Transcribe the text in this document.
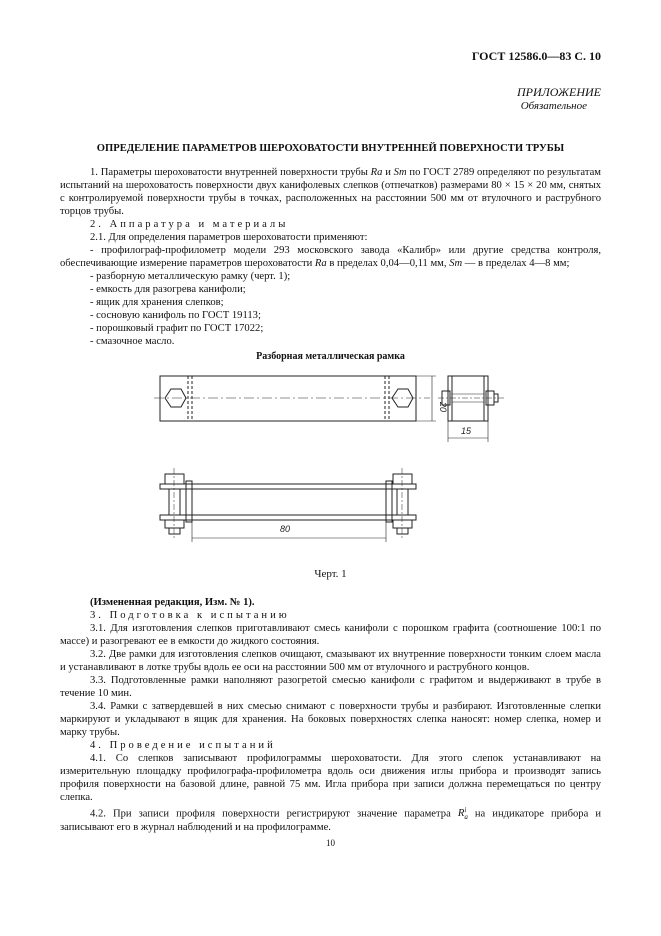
ГОСТ 12586.0—83 С. 10
ПРИЛОЖЕНИЕ
Обязательное
ОПРЕДЕЛЕНИЕ ПАРАМЕТРОВ ШЕРОХОВАТОСТИ ВНУТРЕННЕЙ ПОВЕРХНОСТИ ТРУБЫ

1. Параметры шероховатости внутренней поверхности трубы Ra и Sm по ГОСТ 2789 определяют по результатам испытаний на шероховатость поверхности двух канифолевых слепков (отпечатков) размерами 80 × 15 × 20 мм, снятых с контролируемой поверхности трубы в точках, расположенных на расстоянии 500 мм от втулочного и раструбного торцов трубы.

2. Аппаратура и материалы

2.1. Для определения параметров шероховатости применяют:

- профилограф-профилометр модели 293 московского завода «Калибр» или другие средства контроля, обеспечивающие измерение параметров шероховатости Ra в пределах 0,04—0,11 мм, Sm — в пределах 4—8 мм;

- разборную металлическую рамку (черт. 1);

- емкость для разогрева канифоли;

- ящик для хранения слепков;

- сосновую канифоль по ГОСТ 19113;

- порошковый графит по ГОСТ 17022;

- смазочное масло.

Разборная металлическая рамка
20
15
80
Черт. 1

(Измененная редакция, Изм. № 1).

3. Подготовка к испытанию

3.1. Для изготовления слепков приготавливают смесь канифоли с порошком графита (соотношение 100:1 по массе) и разогревают ее в емкости до жидкого состояния.

3.2. Две рамки для изготовления слепков очищают, смазывают их внутренние поверхности тонким слоем масла и устанавливают в лотке трубы вдоль ее оси на расстоянии 500 мм от втулочного и раструбного концов.

3.3. Подготовленные рамки наполняют разогретой смесью канифоли с графитом и выдерживают в трубе в течение 10 мин.

3.4. Рамки с затвердевшей в них смесью снимают с поверхности трубы и разбирают. Изготовленные слепки маркируют и укладывают в ящик для хранения. На боковых поверхностях слепка наносят: номер слепка, номер и марку трубы.

4. Проведение испытаний

4.1. Со слепков записывают профилограммы шероховатости. Для этого слепок устанавливают на измерительную площадку профилографа-профилометра вдоль оси движения иглы прибора и производят запись профиля поверхности на базовой длине, равной 75 мм. Игла прибора при записи должна перемещаться по центру слепка.

4.2. При записи профиля поверхности регистрируют значение параметра Ri
a на индикаторе прибора и записывают его в журнал наблюдений и на профилограмме.

10
